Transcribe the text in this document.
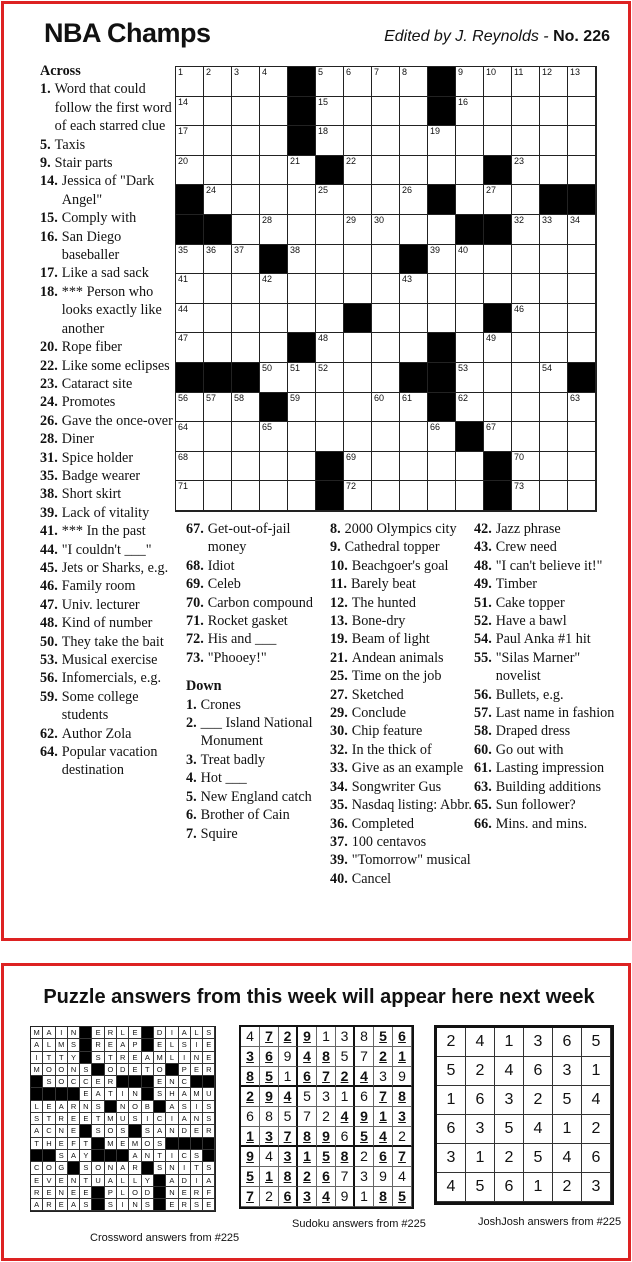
NBA Champs	Edited by J. Reynolds - No. 226
1	2	3	4	5	6	7	8	9	10 11 12 13
14	15	16
17	18	19
20	21	22	23
24	25	26	27
28	29 30	32 33 34
35 36 37	38	39 40
41	42	43
44	46
47	48	49
50 51 52	53	54
56 57 58	59	60 61	62	63
64	65	66	67
68	69	70
71	72	73
Across
1. Word that could follow the first word of each starred clue
5. Taxis
9. Stair parts
14. Jessica of "Dark Angel"
15. Comply with
16. San Diego baseballer
17. Like a sad sack
18. *** Person who looks exactly like another
20. Rope fiber
22. Like some eclipses
23. Cataract site
24. Promotes
26. Gave the once-over
28. Diner
31. Spice holder
35. Badge wearer
38. Short skirt
39. Lack of vitality
41. *** In the past
44. "I couldn't ___"
45. Jets or Sharks, e.g.
46. Family room
47. Univ. lecturer
48. Kind of number
50. They take the bait
53. Musical exercise
56. Infomercials, e.g.
59. Some college students
62. Author Zola
64. Popular vacation destination
67. Get-out-of-jail money
68. Idiot
69. Celeb
70. Carbon compound
71. Rocket gasket
72. His and ___
73. "Phooey!"
Down
1. Crones
2. ___ Island National Monument
3. Treat badly
4. Hot ___
5. New England catch
6. Brother of Cain
7. Squire
8. 2000 Olympics city
9. Cathedral topper
10. Beachgoer's goal
11. Barely beat
12. The hunted
13. Bone-dry
19. Beam of light
21. Andean animals
25. Time on the job
27. Sketched
29. Conclude
30. Chip feature
32. In the thick of
33. Give as an example
34. Songwriter Gus
35. Nasdaq listing: Abbr.
36. Completed
37. 100 centavos
39. "Tomorrow" musical
40. Cancel
42. Jazz phrase
43. Crew need
48. "I can't believe it!"
49. Timber
51. Cake topper
52. Have a bawl
54. Paul Anka #1 hit
55. "Silas Marner" novelist
56. Bullets, e.g.
57. Last name in fashion
58. Draped dress
60. Go out with
61. Lasting impression
63. Building additions
65. Sun follower?
66. Mins. and mins.
Puzzle answers from this week will appear here next week
M A	I	N	E R	L	E	D	I	A	L	S
A	L M S	R E A P	E	L	S	I	E
I	T	T	Y	S T R E A M L	I	N E
M O O N S	O D E T O	P E R
S O C C E R	E N C
E A T	I	N	S H A M U
L	E A R N S	N O B	A S	I	S
S T R E E T M U S	I	C	I	A N S
A C N E	S O S	S A N D E R
T H E F	T	M E M O S
S A Y	A N T	I	C S
C O G	S O N A R	S N	I	T	S
E V E N T U A	L	L	Y	A D	I	A
R E N E E	P	L O D	N E R F
A R E A S	S	I	N S	E R S E
4 7 2 9 1 3 8 5 6
3 6 9 4 8 5 7 2 1
8 5 1 6 7 2 4 3 9
2 9 4 5 3 1 6 7 8
6 8 5 7 2 4 9 1 3
1 3 7 8 9 6 5 4 2
9 4 3 1 5 8 2 6 7
5 1 8 2 6 7 3 9 4
7 2 6 3 4 9 1 8 5
2	4	1	3	6	5
5	2	4	6	3	1
1	6	3	2	5	4
6	3	5	4	1	2
3	1	2	5	4	6
4	5	6	1	2	3
Crossword answers from #225
Sudoku answers from #225	JoshJosh answers from #225
